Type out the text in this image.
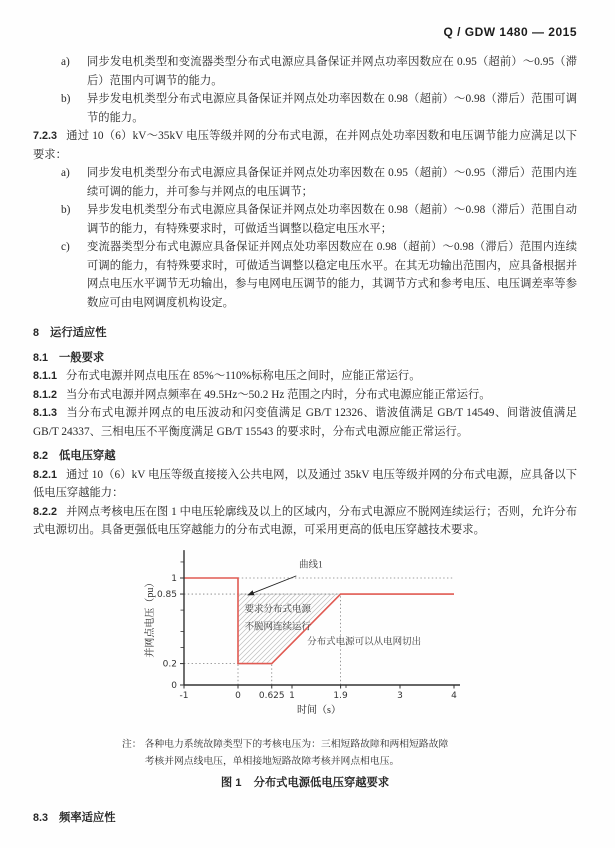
Q / GDW 1480 — 2015
a)	同步发电机类型和变流器类型分布式电源应具备保证并网点功率因数应在 0.95（超前）～0.95（滞后）范围内可调节的能力。
b)	异步发电机类型分布式电源应具备保证并网点处功率因数在 0.98（超前）～0.98（滞后）范围可调节的能力。

7.2.3 通过 10（6）kV～35kV 电压等级并网的分布式电源，在并网点处功率因数和电压调节能力应满足以下要求：

a)	同步发电机类型分布式电源应具备保证并网点处功率因数在 0.95（超前）～0.95（滞后）范围内连续可调的能力，并可参与并网点的电压调节；
b)	异步发电机类型分布式电源应具备保证并网点处功率因数在 0.98（超前）～0.98（滞后）范围自动调节的能力，有特殊要求时，可做适当调整以稳定电压水平；
c)	变流器类型分布式电源应具备保证并网点处功率因数应在 0.98（超前）～0.98（滞后）范围内连续可调的能力，有特殊要求时，可做适当调整以稳定电压水平。在其无功输出范围内，应具备根据并网点电压水平调节无功输出，参与电网电压调节的能力，其调节方式和参考电压、电压调差率等参数应可由电网调度机构设定。

8 运行适应性

8.1 一般要求

8.1.1 分布式电源并网点电压在 85%～110%标称电压之间时，应能正常运行。

8.1.2 当分布式电源并网点频率在 49.5Hz～50.2 Hz 范围之内时，分布式电源应能正常运行。

8.1.3 当分布式电源并网点的电压波动和闪变值满足 GB/T 12326、谐波值满足 GB/T 14549、间谐波值满足 GB/T 24337、三相电压不平衡度满足 GB/T 15543 的要求时，分布式电源应能正常运行。

8.2 低电压穿越

8.2.1 通过 10（6）kV 电压等级直接接入公共电网，以及通过 35kV 电压等级并网的分布式电源，应具备以下低电压穿越能力：

8.2.2 并网点考核电压在图 1 中电压轮廓线及以上的区域内，分布式电源应不脱网连续运行；否则，允许分布式电源切出。具备更强低电压穿越能力的分布式电源，可采用更高的低电压穿越技术要求。

-1	0 0.625 1	1.9	3	4
0
0.2
0.85
1
时间（s）
并网点电压（pu）
曲线1
要求分布式电源
不脱网连续运行
分布式电源可以从电网切出
注： 各种电力系统故障类型下的考核电压为：三相短路故障和两相短路故障
考核并网点线电压，单相接地短路故障考核并网点相电压。

图 1 分布式电源低电压穿越要求

8.3 频率适应性
